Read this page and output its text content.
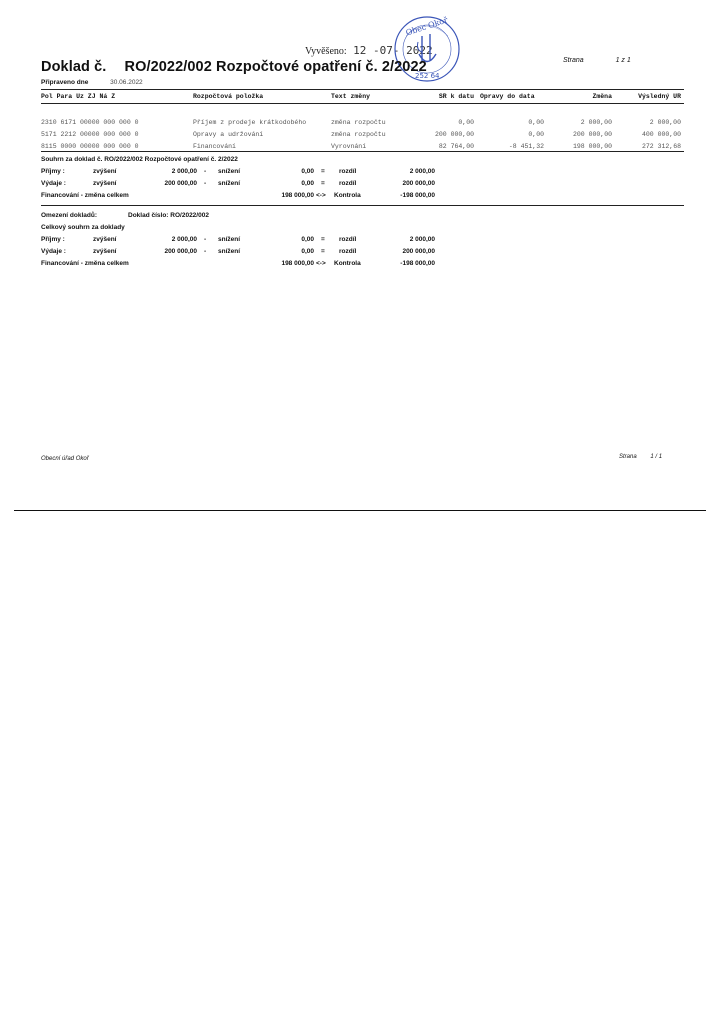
Vyvěšeno: 12 -07- 2022
Obec Okoř
252 64
Doklad č. RO/2022/002 Rozpočtové opatření č. 2/2022	Strana	1 z 1
Připraveno dne	30.06.2022
Pol Para Uz ZJ Ná Z	Rozpočtová položka	Text změny	SR k datu Opravy do data	Změna	Výsledný UR
2310 6171 00000 000 000 0	Příjem z prodeje krátkodobého	změna rozpočtu	0,00	0,00	2 000,00	2 000,00
5171 2212 00000 000 000 0	Opravy a udržování	změna rozpočtu	200 000,00	0,00	200 000,00	400 000,00
8115 0000 00000 000 000 0	Financování	Vyrovnání	82 764,00	-8 451,32	198 000,00	272 312,68
Souhrn za doklad č. RO/2022/002 Rozpočtové opatření č. 2/2022
Příjmy :	zvýšení	2 000,00 - snížení	0,00 = rozdíl	2 000,00
Výdaje :	zvýšení	200 000,00 - snížení	0,00 = rozdíl	200 000,00
Financování - změna celkem	198 000,00 <-> Kontrola	-198 000,00
Omezení dokladů:	Doklad číslo: RO/2022/002
Celkový souhrn za doklady
Příjmy :	zvýšení	2 000,00 - snížení	0,00 = rozdíl	2 000,00
Výdaje :	zvýšení	200 000,00 - snížení	0,00 = rozdíl	200 000,00
Financování - změna celkem	198 000,00 <-> Kontrola	-198 000,00
Obecní úřad Okoř	Strana 1 / 1
